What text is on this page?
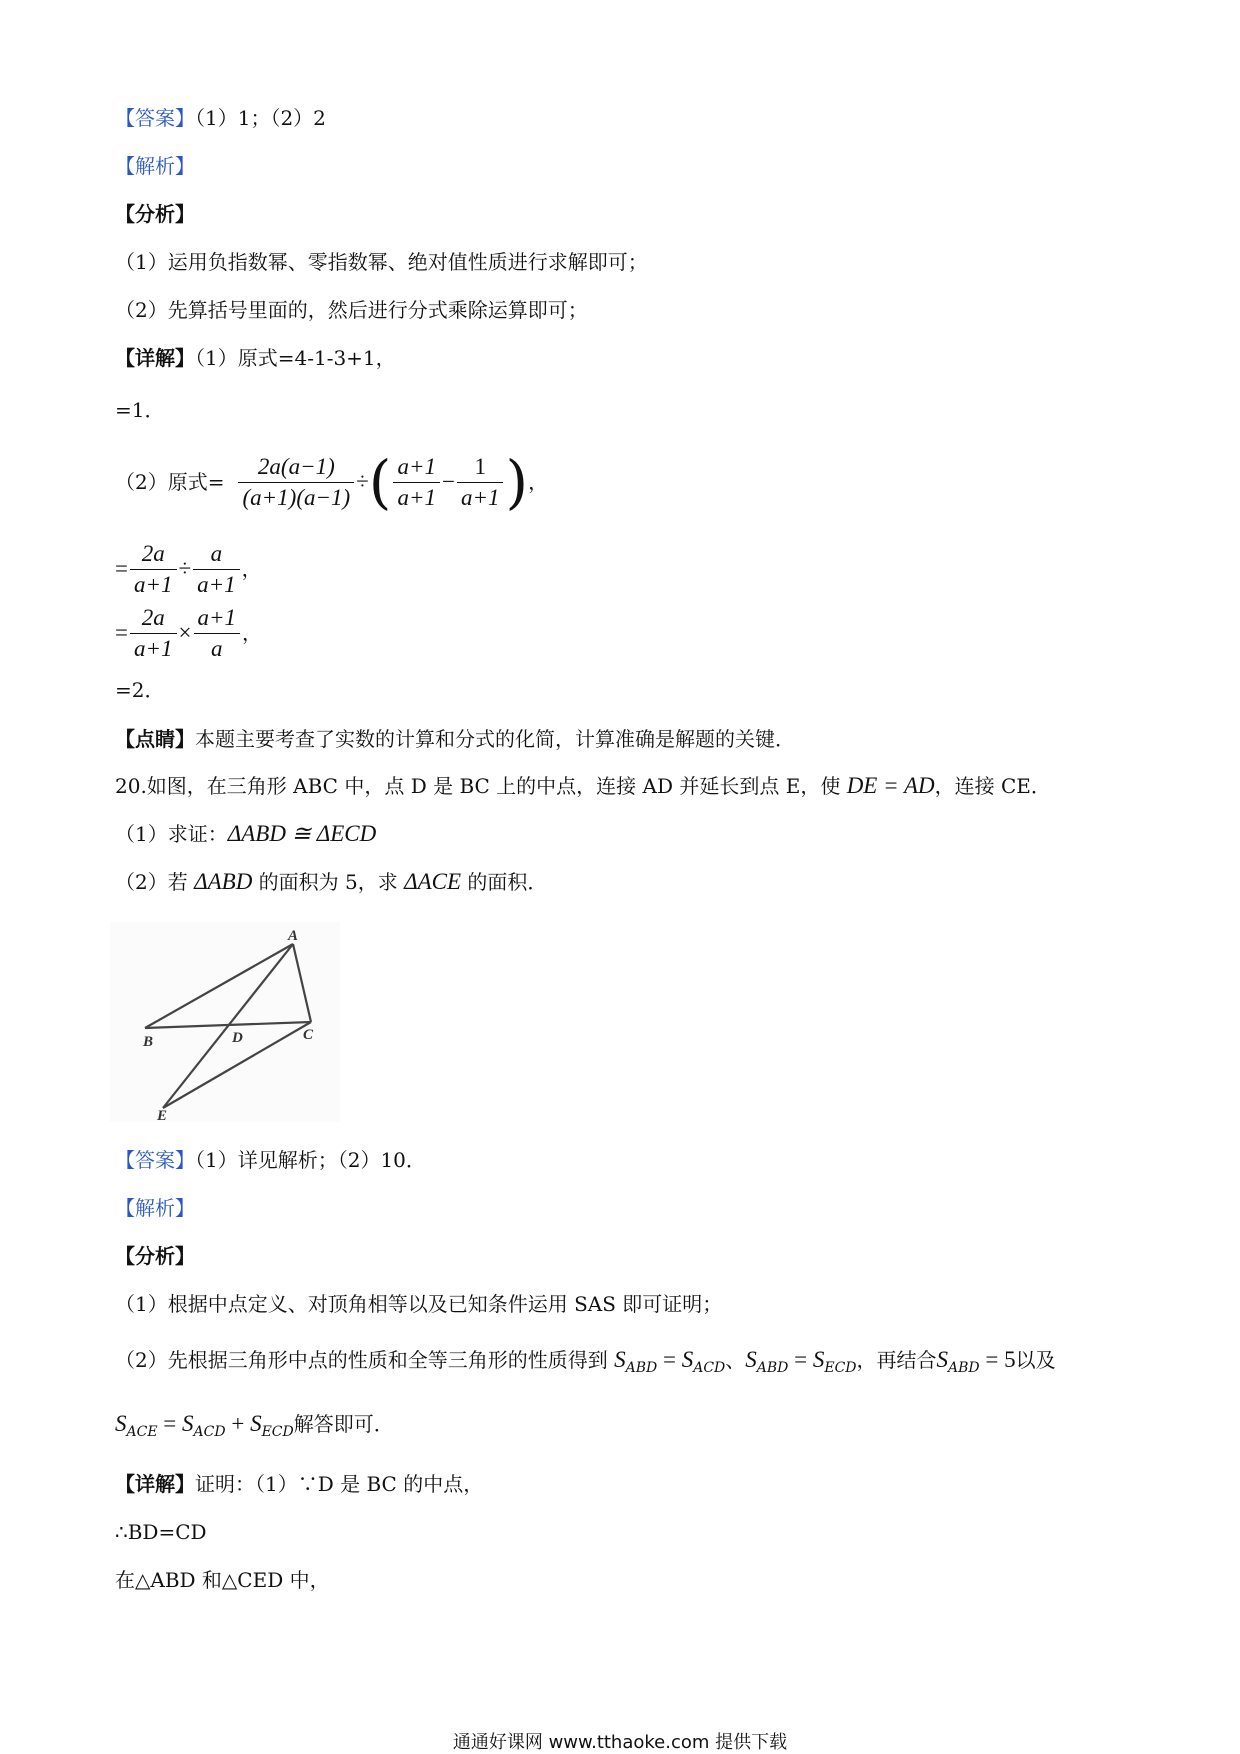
【答案】（1）1；（2）2
【解析】
【分析】
（1）运用负指数幂、零指数幂、绝对值性质进行求解即可；
（2）先算括号里面的，然后进行分式乘除运算即可；
【详解】（1）原式=4-1-3+1，
=1．
（2）原式= $\frac{2a(a-1)}{(a+1)(a-1)}$ ÷ ( $\frac{a+1}{a+1} - \frac{1}{a+1}$ ) ，
= $\frac{2a}{a+1} \div \frac{a}{a+1}$ ，
= $\frac{2a}{a+1} \times \frac{a+1}{a}$ ，
=2．
【点睛】本题主要考查了实数的计算和分式的化简，计算准确是解题的关键．
20.如图，在三角形 ABC 中，点 D 是 BC 上的中点，连接 AD 并延长到点 E，使 DE = AD，连接 CE．
（1）求证：ΔABD ≅ ΔECD
（2）若 ΔABD 的面积为 5，求 ΔACE 的面积．
A
B	C
D
E
【答案】（1）详见解析；（2）10．
【解析】
【分析】
（1）根据中点定义、对顶角相等以及已知条件运用 SAS 即可证明；
（2）先根据三角形中点的性质和全等三角形的性质得到 $S_{ABD} = S_{ACD}$、$S_{ABD} = S_{ECD}$，再结合$S_{ABD} = 5$以及
$S_{ACE} = S_{ACD} + S_{ECD}$解答即可．
【详解】证明：（1）∵D 是 BC 的中点，
∴BD=CD
在△ABD 和△CED 中，
通通好课网 www.tthaoke.com 提供下载
